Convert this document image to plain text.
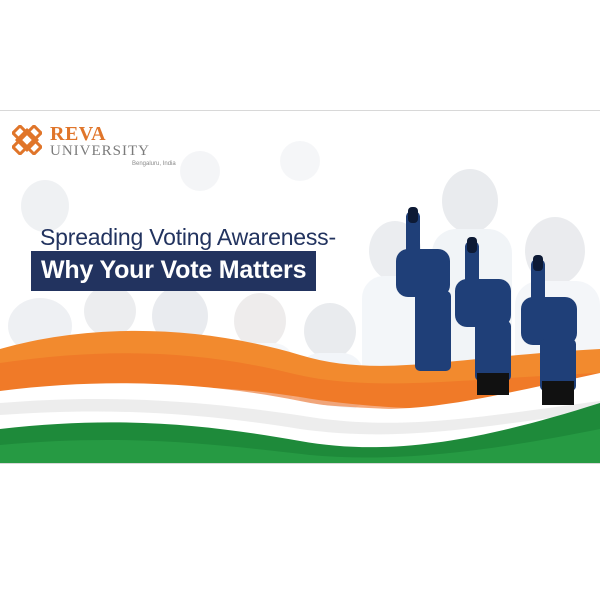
REVA
UNIVERSITY
Bengaluru, India
Spreading Voting Awareness-
Why Your Vote Matters
